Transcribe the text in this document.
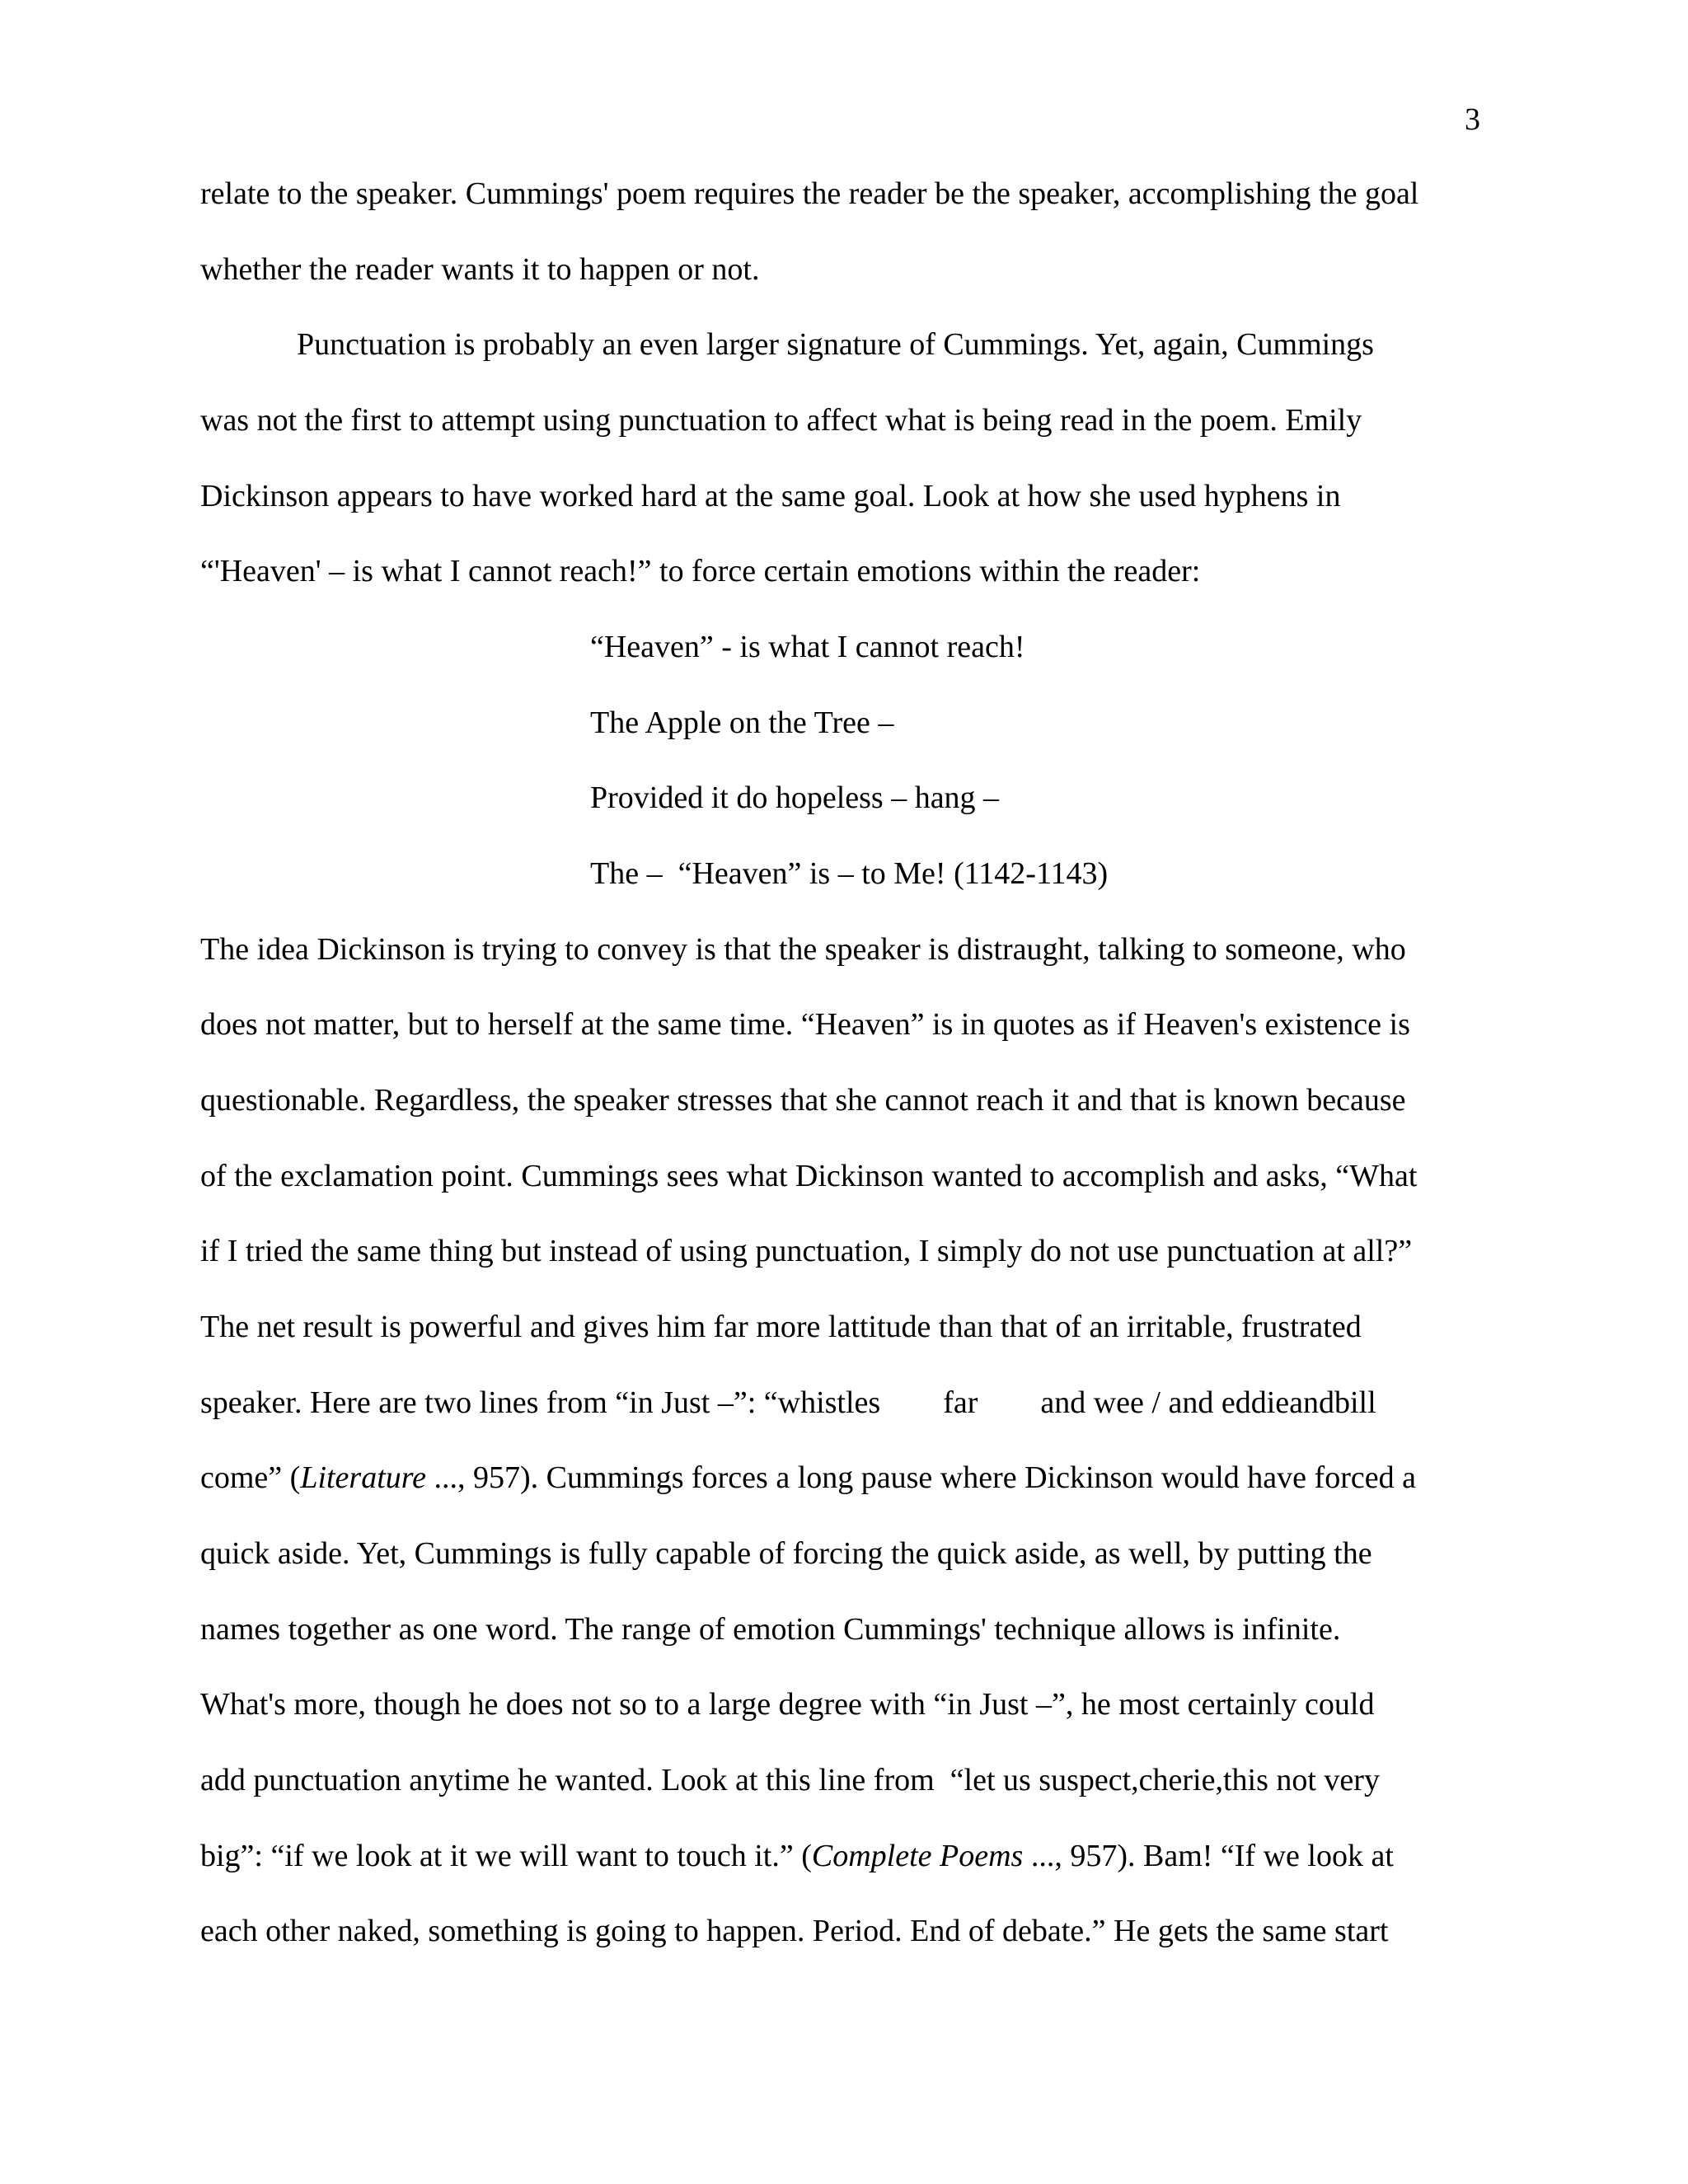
3
relate to the speaker. Cummings' poem requires the reader be the speaker, accomplishing the goal
whether the reader wants it to happen or not.
Punctuation is probably an even larger signature of Cummings. Yet, again, Cummings
was not the first to attempt using punctuation to affect what is being read in the poem. Emily
Dickinson appears to have worked hard at the same goal. Look at how she used hyphens in
“'Heaven' – is what I cannot reach!” to force certain emotions within the reader:
“Heaven” - is what I cannot reach!
The Apple on the Tree –
Provided it do hopeless – hang –
The –  “Heaven” is – to Me! (1142-1143)
The idea Dickinson is trying to convey is that the speaker is distraught, talking to someone, who
does not matter, but to herself at the same time. “Heaven” is in quotes as if Heaven's existence is
questionable. Regardless, the speaker stresses that she cannot reach it and that is known because
of the exclamation point. Cummings sees what Dickinson wanted to accomplish and asks, “What
if I tried the same thing but instead of using punctuation, I simply do not use punctuation at all?”
The net result is powerful and gives him far more lattitude than that of an irritable, frustrated
speaker. Here are two lines from “in Just –”: “whistles        far        and wee / and eddieandbill
come” (Literature ..., 957). Cummings forces a long pause where Dickinson would have forced a
quick aside. Yet, Cummings is fully capable of forcing the quick aside, as well, by putting the
names together as one word. The range of emotion Cummings' technique allows is infinite.
What's more, though he does not so to a large degree with “in Just –”, he most certainly could
add punctuation anytime he wanted. Look at this line from  “let us suspect,cherie,this not very
big”: “if we look at it we will want to touch it.” (Complete Poems ..., 957). Bam! “If we look at
each other naked, something is going to happen. Period. End of debate.” He gets the same start
